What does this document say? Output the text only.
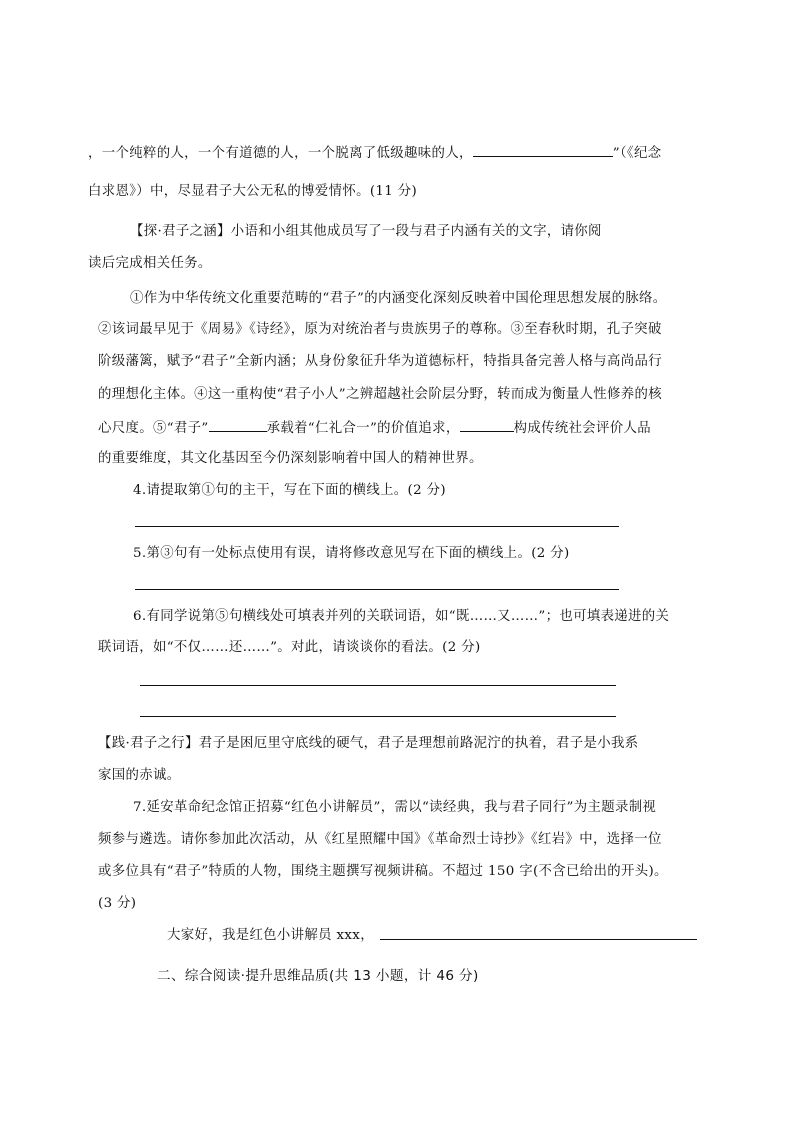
，一个纯粹的人，一个有道德的人，一个脱离了低级趣味的人，	”（《纪念
白求恩》）中，尽显君子大公无私的博爱情怀。(11 分)
【探·君子之涵】小语和小组其他成员写了一段与君子内涵有关的文字，请你阅
读后完成相关任务。
①作为中华传统文化重要范畴的“君子”的内涵变化深刻反映着中国伦理思想发展的脉络。
②该词最早见于《周易》《诗经》，原为对统治者与贵族男子的尊称。③至春秋时期，孔子突破
阶级藩篱，赋予“君子”全新内涵；从身份象征升华为道德标杆，特指具备完善人格与高尚品行
的理想化主体。④这一重构使“君子小人”之辨超越社会阶层分野，转而成为衡量人性修养的核
心尺度。⑤“君子”	承载着“仁礼合一”的价值追求，	构成传统社会评价人品
的重要维度，其文化基因至今仍深刻影响着中国人的精神世界。
4.请提取第①句的主干，写在下面的横线上。(2 分)
5.第③句有一处标点使用有误，请将修改意见写在下面的横线上。(2 分)
6.有同学说第⑤句横线处可填表并列的关联词语，如“既……又……”；也可填表递进的关
联词语，如“不仅……还……”。对此，请谈谈你的看法。(2 分)
【践·君子之行】君子是困厄里守底线的硬气，君子是理想前路泥泞的执着，君子是小我系
家国的赤诚。
7.延安革命纪念馆正招募“红色小讲解员”，需以“读经典，我与君子同行”为主题录制视
频参与遴选。请你参加此次活动，从《红星照耀中国》《革命烈士诗抄》《红岩》中，选择一位
或多位具有“君子”特质的人物，围绕主题撰写视频讲稿。不超过 150 字(不含已给出的开头)。
(3 分)
大家好，我是红色小讲解员 xxx，
二、综合阅读·提升思维品质(共 13 小题，计 46 分)
